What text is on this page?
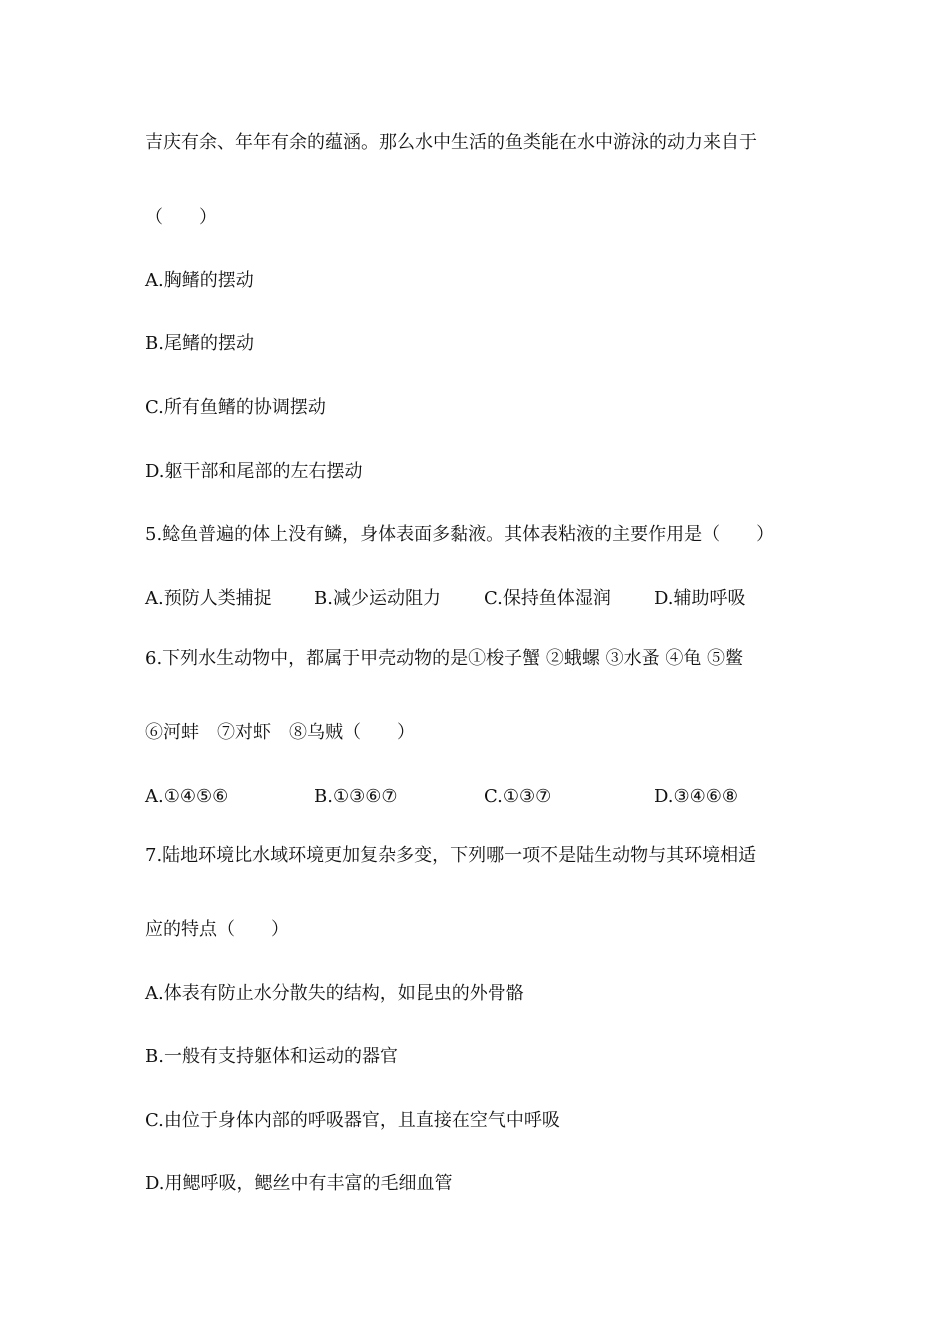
吉庆有余、年年有余的蕴涵。那么水中生活的鱼类能在水中游泳的动力来自于
（　　）
A.胸鳍的摆动
B.尾鳍的摆动
C.所有鱼鳍的协调摆动
D.躯干部和尾部的左右摆动
5.鲶鱼普遍的体上没有鳞，身体表面多黏液。其体表粘液的主要作用是（　　）
A.预防人类捕捉 B.减少运动阻力 C.保持鱼体湿润 D.辅助呼吸
6.下列水生动物中，都属于甲壳动物的是①梭子蟹 ②蛾螺 ③水蚤 ④龟 ⑤鳖
⑥河蚌　⑦对虾　⑧乌贼（　　）
A.①④⑤⑥	B.①③⑥⑦	C.①③⑦	D.③④⑥⑧
7.陆地环境比水域环境更加复杂多变，下列哪一项不是陆生动物与其环境相适
应的特点（　　）
A.体表有防止水分散失的结构，如昆虫的外骨骼
B.一般有支持躯体和运动的器官
C.由位于身体内部的呼吸器官，且直接在空气中呼吸
D.用鳃呼吸，鳃丝中有丰富的毛细血管
